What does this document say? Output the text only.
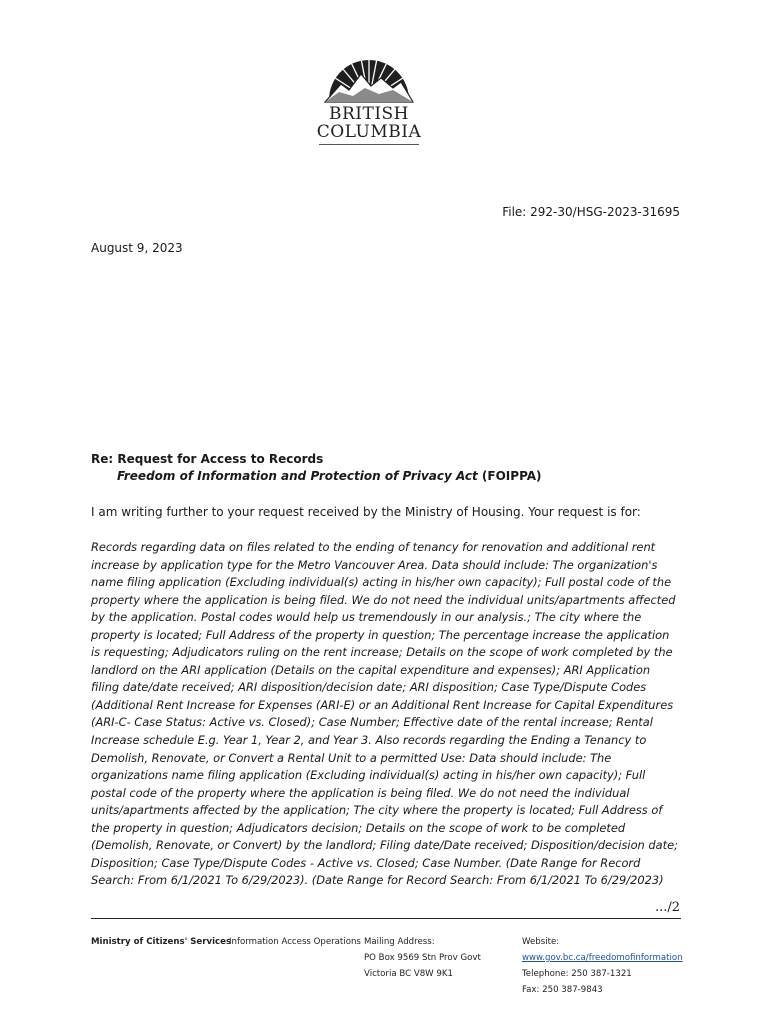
BRITISH
COLUMBIA
File: 292-30/HSG-2023-31695
August 9, 2023
Re: Request for Access to Records
Freedom of Information and Protection of Privacy Act (FOIPPA)
I am writing further to your request received by the Ministry of Housing. Your request is for:

Records regarding data on files related to the ending of tenancy for renovation and additional rent increase by application type for the Metro Vancouver Area. Data should include: The organization's name filing application (Excluding individual(s) acting in his/her own capacity); Full postal code of the property where the application is being filed. We do not need the individual units/apartments affected by the application. Postal codes would help us tremendously in our analysis.; The city where the property is located; Full Address of the property in question; The percentage increase the application is requesting; Adjudicators ruling on the rent increase; Details on the scope of work completed by the landlord on the ARI application (Details on the capital expenditure and expenses); ARI Application filing date/date received; ARI disposition/decision date; ARI disposition; Case Type/Dispute Codes (Additional Rent Increase for Expenses (ARI-E) or an Additional Rent Increase for Capital Expenditures (ARI-C- Case Status: Active vs. Closed); Case Number; Effective date of the rental increase; Rental Increase schedule E.g. Year 1, Year 2, and Year 3. Also records regarding the Ending a Tenancy to Demolish, Renovate, or Convert a Rental Unit to a permitted Use: Data should include: The organizations name filing application (Excluding individual(s) acting in his/her own capacity); Full postal code of the property where the application is being filed. We do not need the individual units/apartments affected by the application; The city where the property is located; Full Address of the property in question; Adjudicators decision; Details on the scope of work to be completed (Demolish, Renovate, or Convert) by the landlord; Filing date/Date received; Disposition/decision date; Disposition; Case Type/Dispute Codes - Active vs. Closed; Case Number. (Date Range for Record Search: From 6/1/2021 To 6/29/2023). (Date Range for Record Search: From 6/1/2021 To 6/29/2023)

.../2
Ministry of Citizens' Services
Information Access Operations Mailing Address:
PO Box 9569 Stn Prov Govt
Victoria BC V8W 9K1
Website:
www.gov.bc.ca/freedomofinformation
Telephone: 250 387-1321
Fax: 250 387-9843
